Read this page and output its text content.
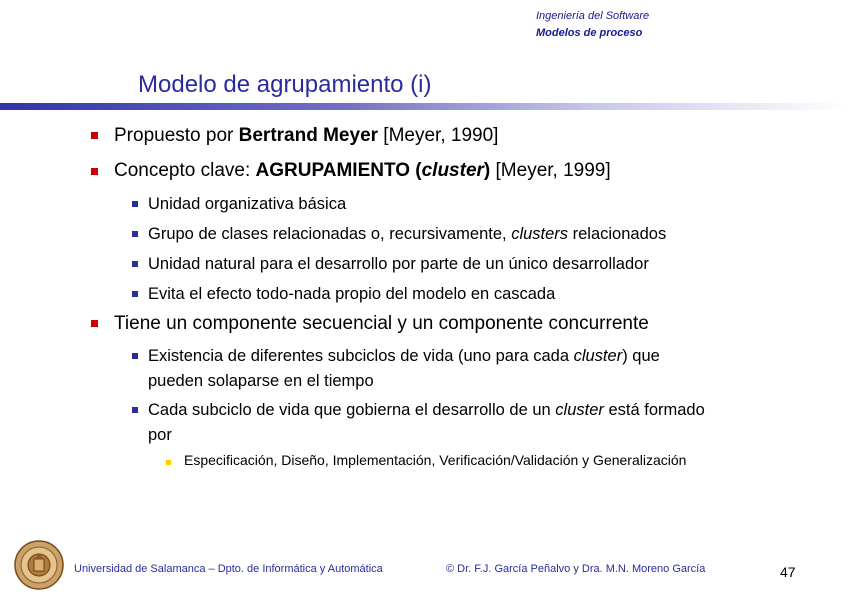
Ingeniería del Software
Modelos de proceso
Modelo de agrupamiento (i)
Propuesto por Bertrand Meyer [Meyer, 1990]
Concepto clave: AGRUPAMIENTO (cluster) [Meyer, 1999]
Unidad organizativa básica
Grupo de clases relacionadas o, recursivamente, clusters relacionados
Unidad natural para el desarrollo por parte de un único desarrollador
Evita el efecto todo-nada propio del modelo en cascada
Tiene un componente secuencial y un componente concurrente
Existencia de diferentes subciclos de vida (uno para cada cluster) que
pueden solaparse en el tiempo
Cada subciclo de vida que gobierna el desarrollo de un cluster está formado
por
Especificación, Diseño, Implementación, Verificación/Validación y Generalización
Universidad de Salamanca – Dpto. de Informática y Automática	© Dr. F.J. García Peñalvo y Dra. M.N. Moreno García	47
